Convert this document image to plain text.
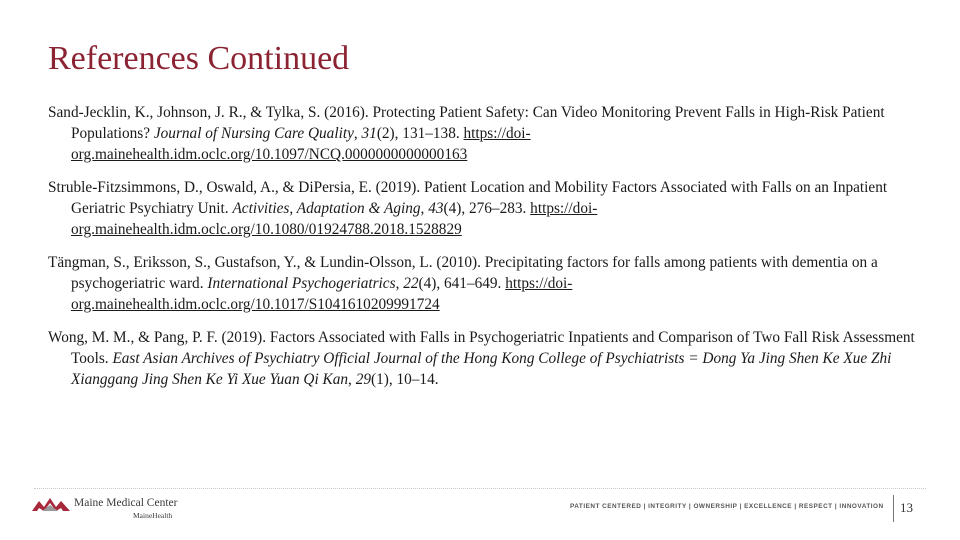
References Continued

Sand-Jecklin, K., Johnson, J. R., & Tylka, S. (2016). Protecting Patient Safety: Can Video Monitoring Prevent Falls in High-Risk Patient Populations? Journal of Nursing Care Quality, 31(2), 131–138. https://doi-org.mainehealth.idm.oclc.org/10.1097/NCQ.0000000000000163

Struble-Fitzsimmons, D., Oswald, A., & DiPersia, E. (2019). Patient Location and Mobility Factors Associated with Falls on an Inpatient Geriatric Psychiatry Unit. Activities, Adaptation & Aging, 43(4), 276–283. https://doi-org.mainehealth.idm.oclc.org/10.1080/01924788.2018.1528829

Tängman, S., Eriksson, S., Gustafson, Y., & Lundin-Olsson, L. (2010). Precipitating factors for falls among patients with dementia on a psychogeriatric ward. International Psychogeriatrics, 22(4), 641–649. https://doi-org.mainehealth.idm.oclc.org/10.1017/S1041610209991724

Wong, M. M., & Pang, P. F. (2019). Factors Associated with Falls in Psychogeriatric Inpatients and Comparison of Two Fall Risk Assessment Tools. East Asian Archives of Psychiatry Official Journal of the Hong Kong College of Psychiatrists = Dong Ya Jing Shen Ke Xue Zhi Xianggang Jing Shen Ke Yi Xue Yuan Qi Kan, 29(1), 10–14.

Maine Medical Center
MaineHealth
PATIENT CENTERED | INTEGRITY | OWNERSHIP | EXCELLENCE | RESPECT | INNOVATION 13
